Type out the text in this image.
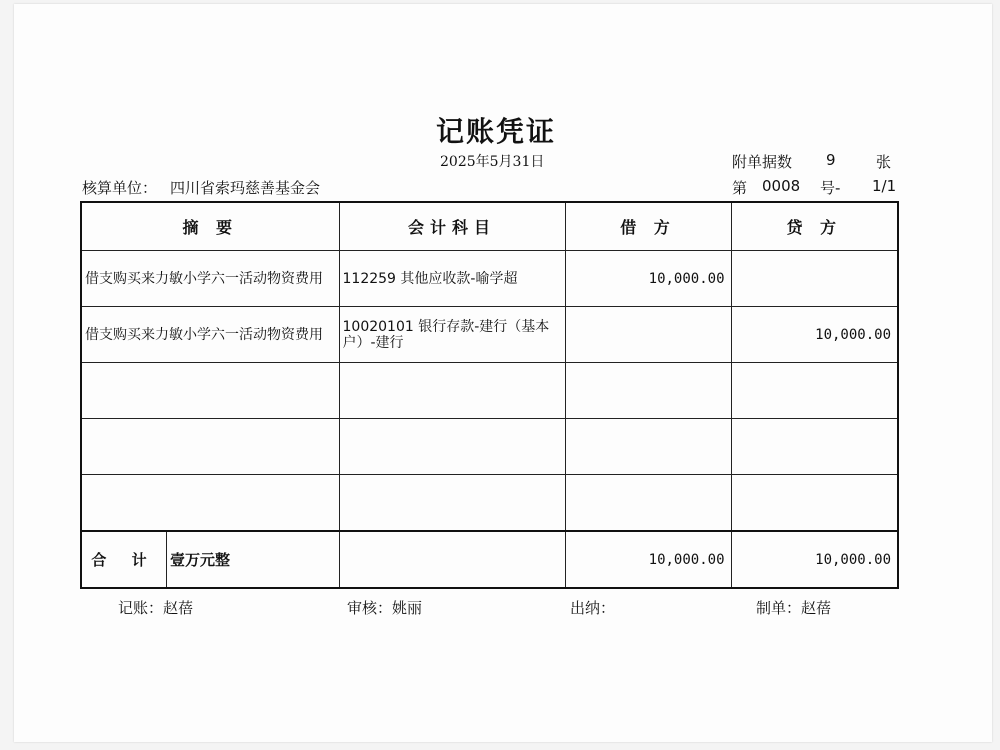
记账凭证
2025年5月31日	附单据数 9	张
核算单位： 四川省索玛慈善基金会	第 0008 号- 1/1
摘 要	会计科目	借 方	贷 方
借支购买来力敏小学六一活动物资费用	112259 其他应收款-喻学超	10,000.00	
借支购买来力敏小学六一活动物资费用	10020101 银行存款-建行（基本户）-建行		10,000.00

合 计 壹万元整		10,000.00	10,000.00
记账：赵蓓	审核：姚丽	出纳：	制单：赵蓓
